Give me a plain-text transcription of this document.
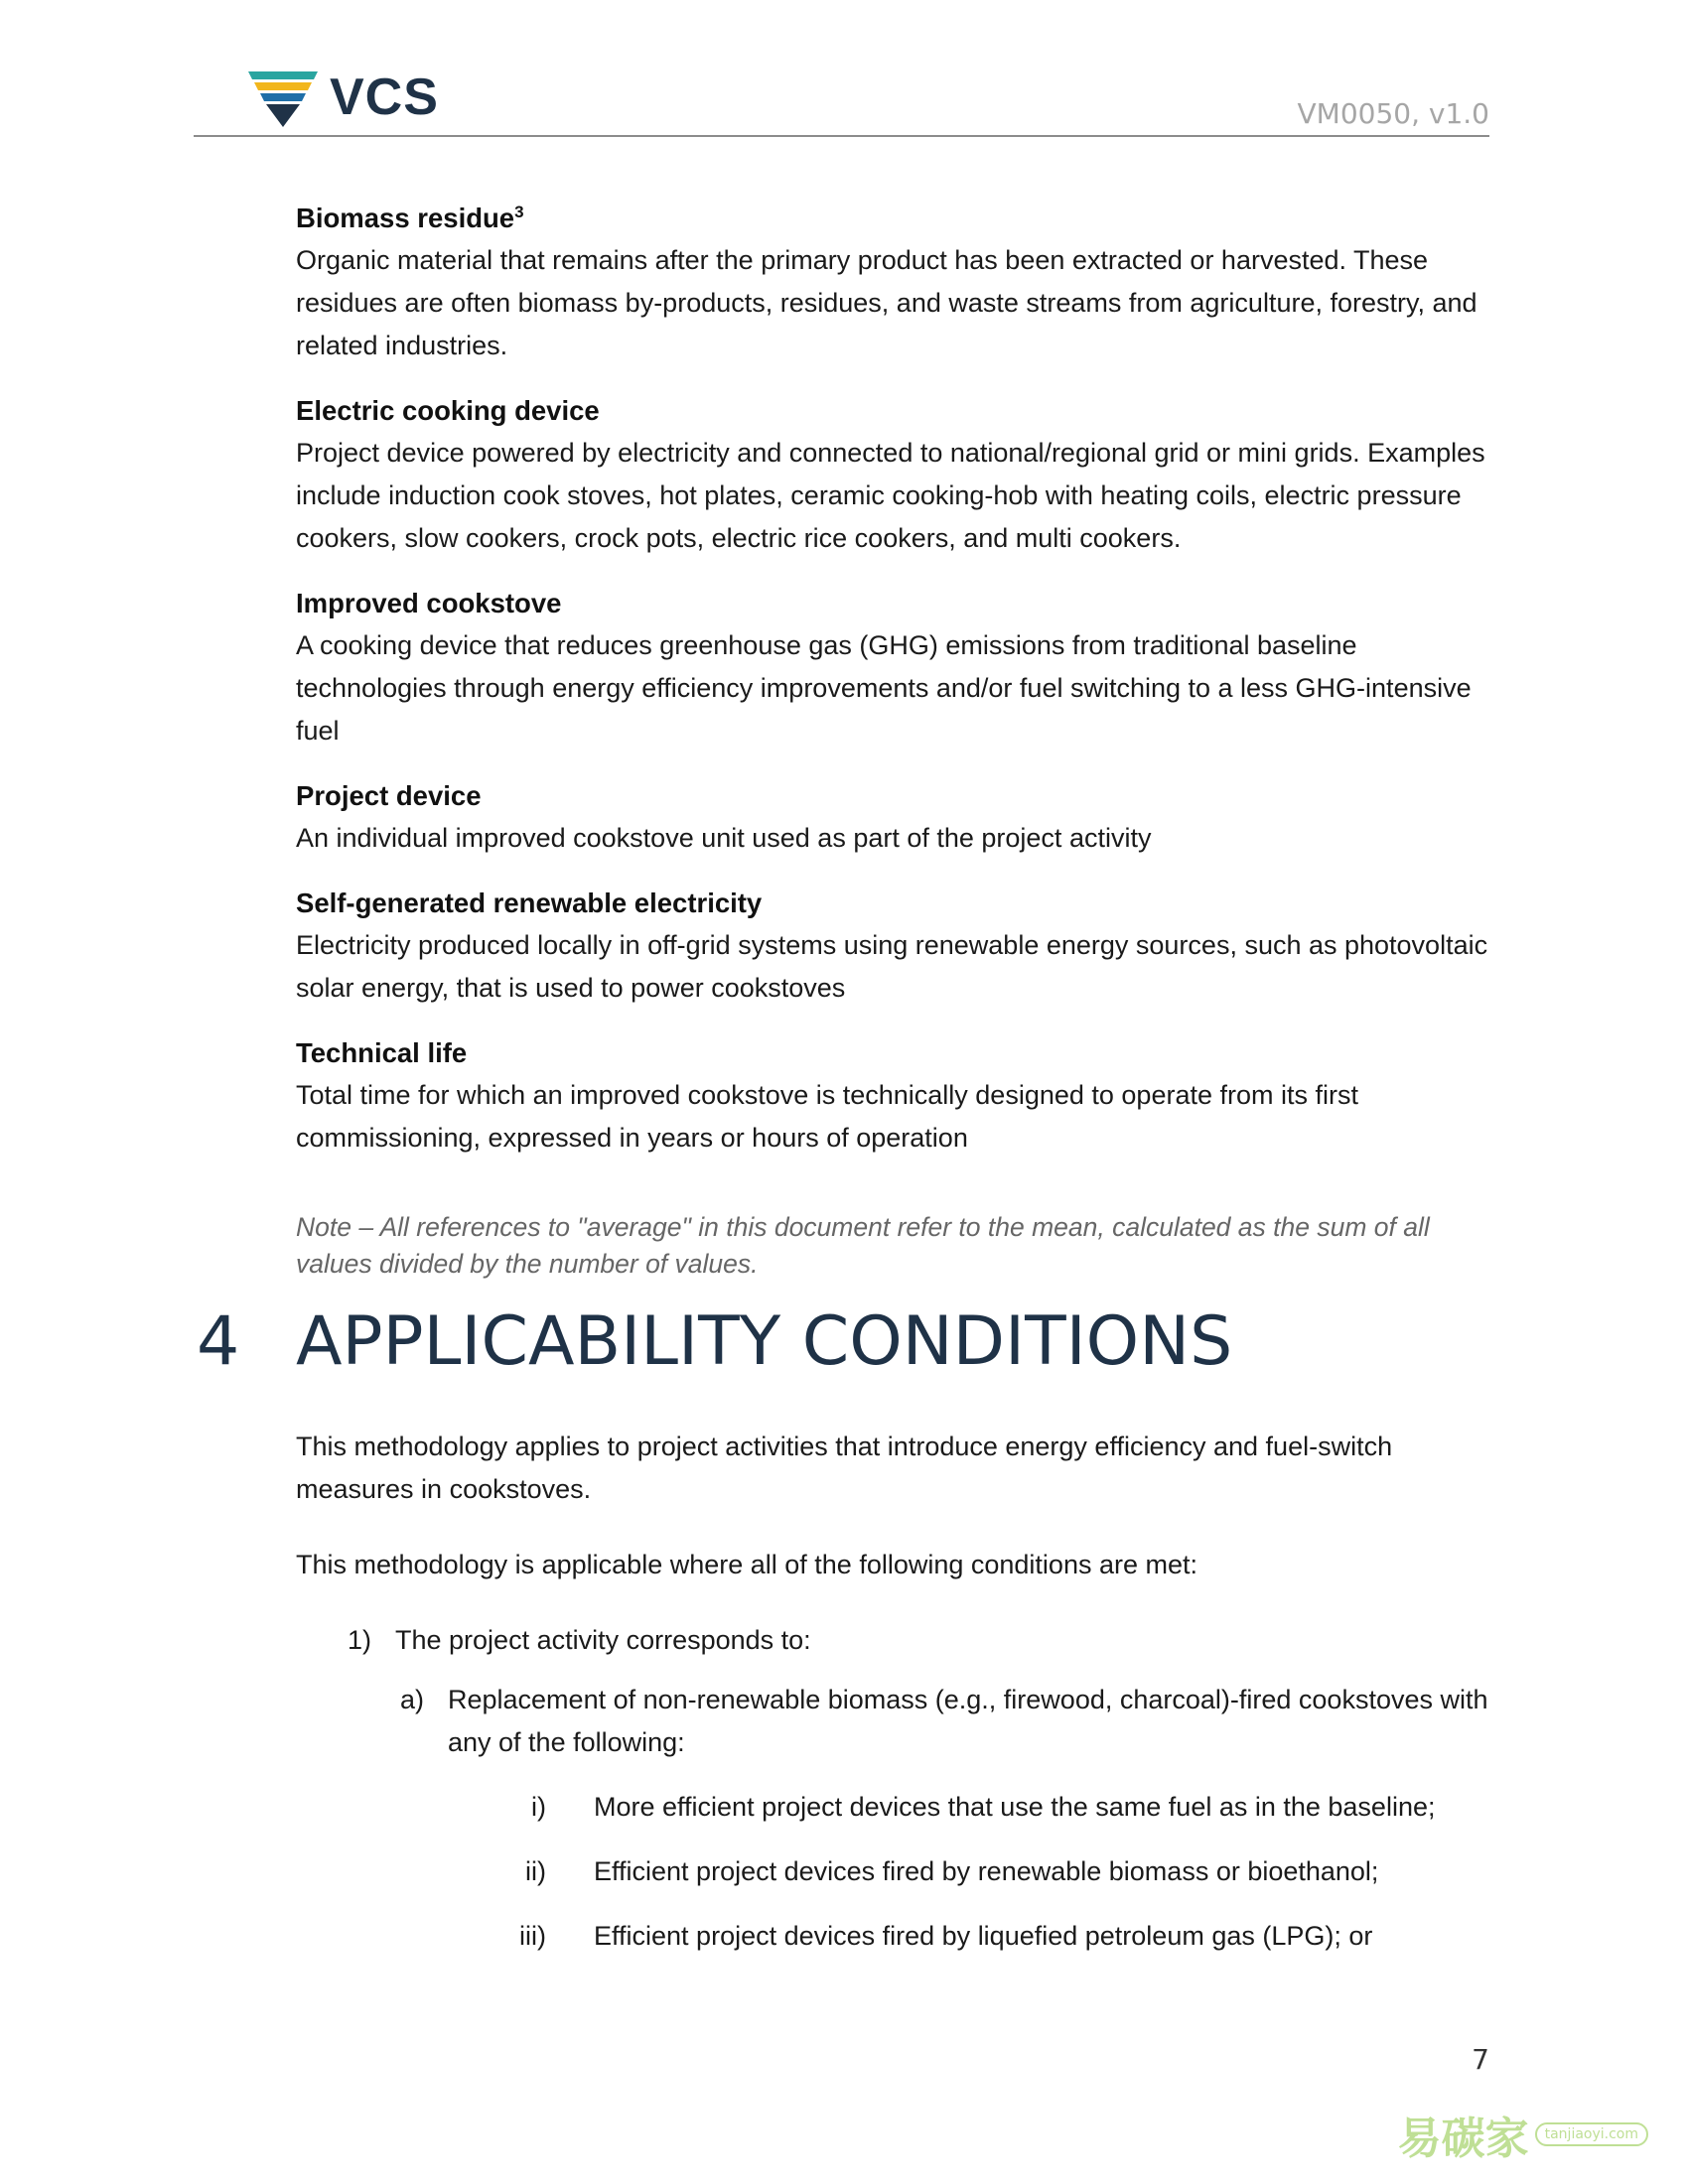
VCS	VM0050, v1.0
Biomass residue$^3$
Organic material that remains after the primary product has been extracted or harvested. These residues are often biomass by-products, residues, and waste streams from agriculture, forestry, and related industries.
Electric cooking device
Project device powered by electricity and connected to national/regional grid or mini grids. Examples include induction cook stoves, hot plates, ceramic cooking-hob with heating coils, electric pressure cookers, slow cookers, crock pots, electric rice cookers, and multi cookers.
Improved cookstove
A cooking device that reduces greenhouse gas (GHG) emissions from traditional baseline technologies through energy efficiency improvements and/or fuel switching to a less GHG-intensive fuel
Project device
An individual improved cookstove unit used as part of the project activity
Self-generated renewable electricity
Electricity produced locally in off-grid systems using renewable energy sources, such as photovoltaic solar energy, that is used to power cookstoves
Technical life
Total time for which an improved cookstove is technically designed to operate from its first commissioning, expressed in years or hours of operation
Note – All references to "average" in this document refer to the mean, calculated as the sum of all values divided by the number of values.
4 APPLICABILITY CONDITIONS

This methodology applies to project activities that introduce energy efficiency and fuel-switch measures in cookstoves.

This methodology is applicable where all of the following conditions are met:

1) The project activity corresponds to:
a) Replacement of non-renewable biomass (e.g., firewood, charcoal)-fired cookstoves with any of the following:
i)	More efficient project devices that use the same fuel as in the baseline;
ii)	Efficient project devices fired by renewable biomass or bioethanol;
iii)	Efficient project devices fired by liquefied petroleum gas (LPG); or
7
易碳家	tanjiaoyi.com
